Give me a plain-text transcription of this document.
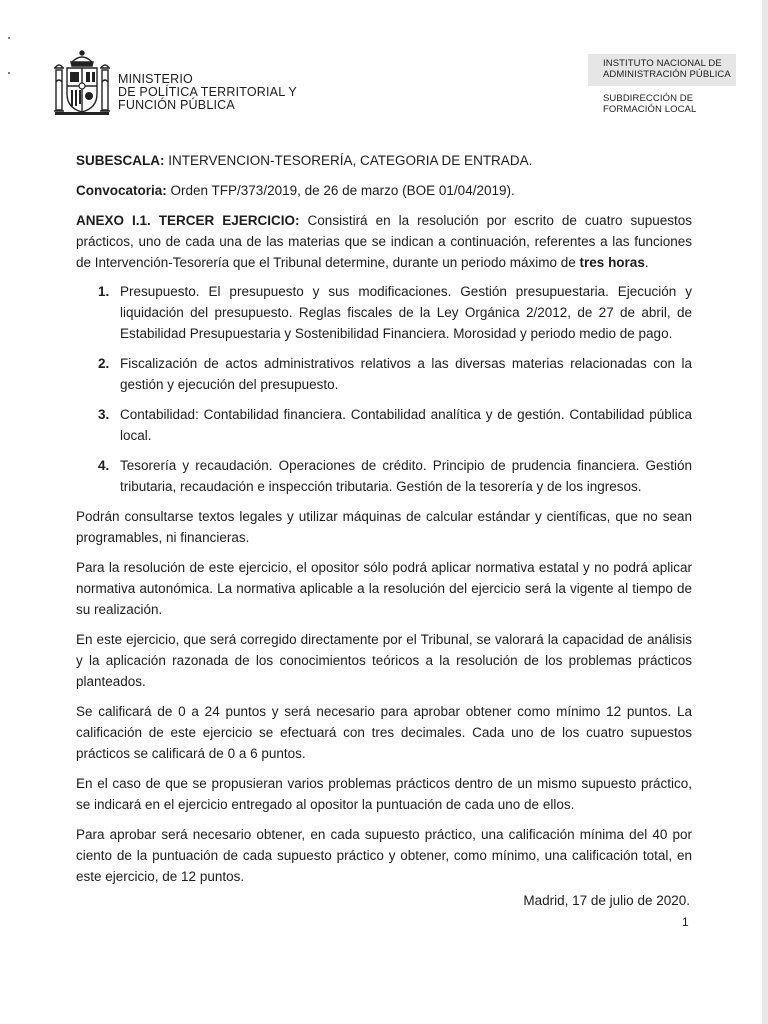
MINISTERIO
DE POLÍTICA TERRITORIAL Y
FUNCIÓN PÚBLICA
INSTITUTO NACIONAL DE
ADMINISTRACIÓN PÚBLICA
SUBDIRECCIÓN DE
FORMACIÓN LOCAL

SUBESCALA: INTERVENCION-TESORERÍA, CATEGORIA DE ENTRADA.

Convocatoria: Orden TFP/373/2019, de 26 de marzo (BOE 01/04/2019).

ANEXO I.1. TERCER EJERCICIO: Consistirá en la resolución por escrito de cuatro supuestos prácticos, uno de cada una de las materias que se indican a continuación, referentes a las funciones de Intervención-Tesorería que el Tribunal determine, durante un periodo máximo de tres horas.

1. Presupuesto. El presupuesto y sus modificaciones. Gestión presupuestaria. Ejecución y liquidación del presupuesto. Reglas fiscales de la Ley Orgánica 2/2012, de 27 de abril, de Estabilidad Presupuestaria y Sostenibilidad Financiera. Morosidad y periodo medio de pago.
2. Fiscalización de actos administrativos relativos a las diversas materias relacionadas con la gestión y ejecución del presupuesto.
3. Contabilidad: Contabilidad financiera. Contabilidad analítica y de gestión. Contabilidad pública local.
4. Tesorería y recaudación. Operaciones de crédito. Principio de prudencia financiera. Gestión tributaria, recaudación e inspección tributaria. Gestión de la tesorería y de los ingresos.

Podrán consultarse textos legales y utilizar máquinas de calcular estándar y científicas, que no sean programables, ni financieras.

Para la resolución de este ejercicio, el opositor sólo podrá aplicar normativa estatal y no podrá aplicar normativa autonómica. La normativa aplicable a la resolución del ejercicio será la vigente al tiempo de su realización.

En este ejercicio, que será corregido directamente por el Tribunal, se valorará la capacidad de análisis y la aplicación razonada de los conocimientos teóricos a la resolución de los problemas prácticos planteados.

Se calificará de 0 a 24 puntos y será necesario para aprobar obtener como mínimo 12 puntos. La calificación de este ejercicio se efectuará con tres decimales. Cada uno de los cuatro supuestos prácticos se calificará de 0 a 6 puntos.

En el caso de que se propusieran varios problemas prácticos dentro de un mismo supuesto práctico, se indicará en el ejercicio entregado al opositor la puntuación de cada uno de ellos.

Para aprobar será necesario obtener, en cada supuesto práctico, una calificación mínima del 40 por ciento de la puntuación de cada supuesto práctico y obtener, como mínimo, una calificación total, en este ejercicio, de 12 puntos.

Madrid, 17 de julio de 2020.
1
